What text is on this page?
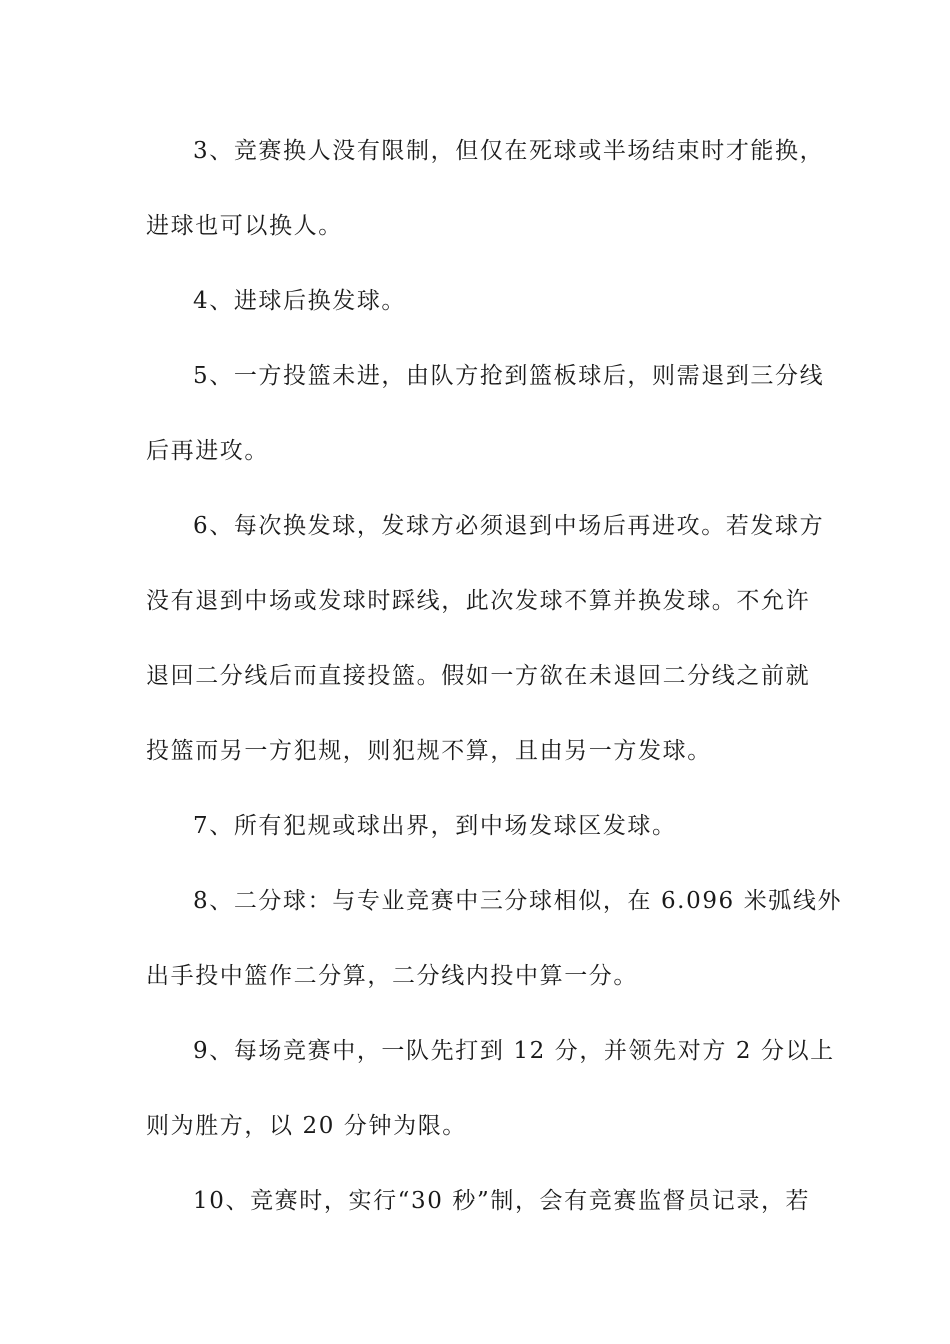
3、竞赛换人没有限制，但仅在死球或半场结束时才能换，
进球也可以换人。
4、进球后换发球。
5、一方投篮未进，由队方抢到篮板球后，则需退到三分线
后再进攻。
6、每次换发球，发球方必须退到中场后再进攻。若发球方
没有退到中场或发球时踩线，此次发球不算并换发球。不允许
退回二分线后而直接投篮。假如一方欲在未退回二分线之前就
投篮而另一方犯规，则犯规不算，且由另一方发球。
7、所有犯规或球出界，到中场发球区发球。
8、二分球：与专业竞赛中三分球相似，在 6.096 米弧线外
出手投中篮作二分算，二分线内投中算一分。
9、每场竞赛中，一队先打到 12 分，并领先对方 2 分以上
则为胜方，以 20 分钟为限。
10、竞赛时，实行“30 秒”制，会有竞赛监督员记录，若
